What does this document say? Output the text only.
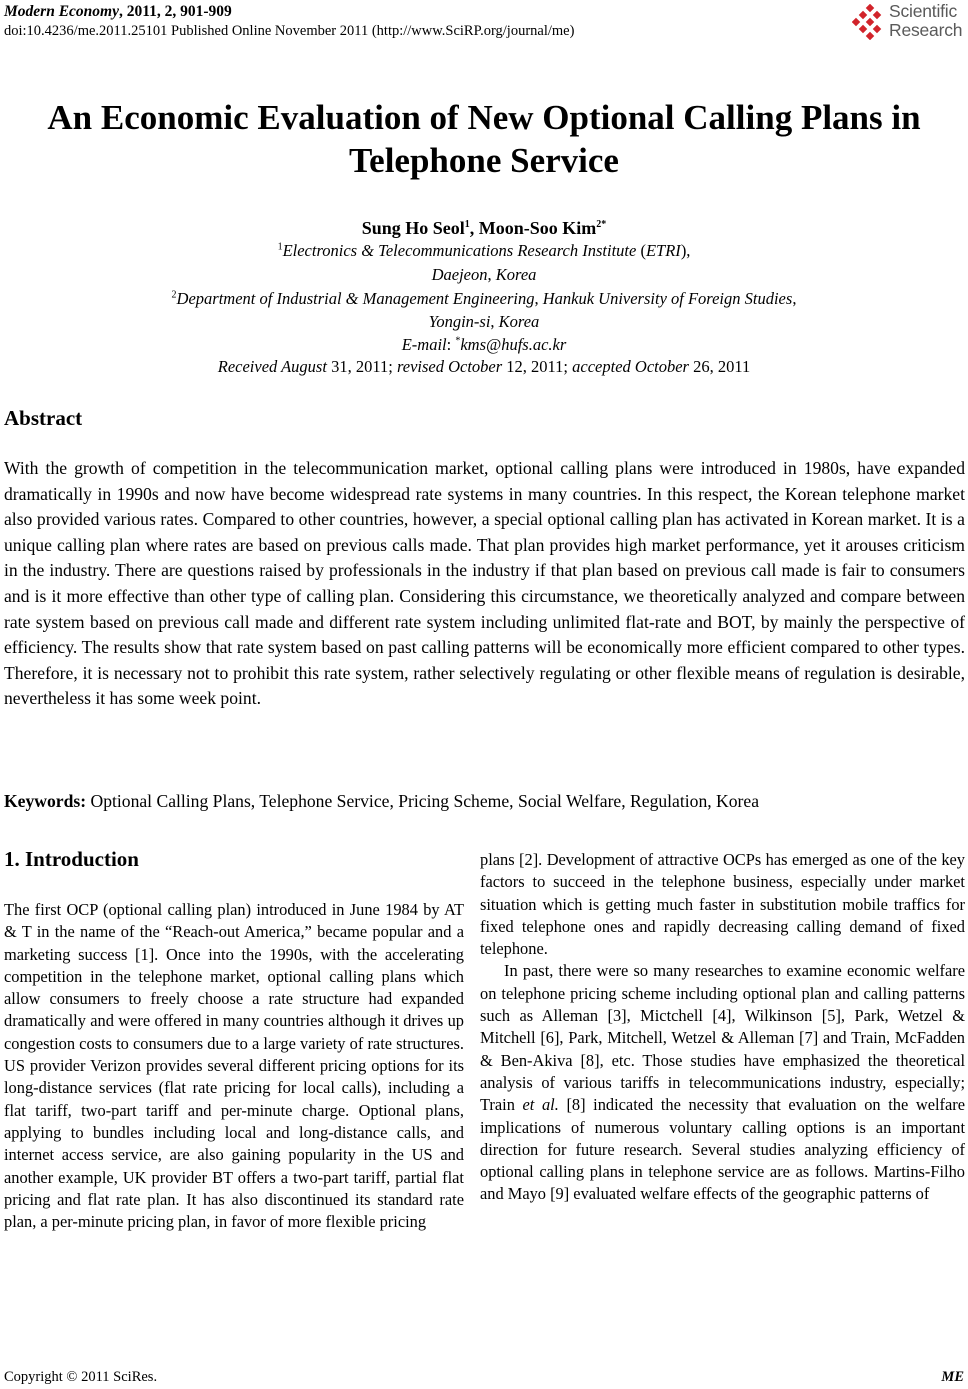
Modern Economy, 2011, 2, 901-909
doi:10.4236/me.2011.25101 Published Online November 2011 (http://www.SciRP.org/journal/me)
Scientific
Research
An Economic Evaluation of New Optional Calling Plans in
Telephone Service
Sung Ho Seol$^1$, Moon-Soo Kim$^{2*}$
$^1$Electronics & Telecommunications Research Institute (ETRI),
Daejeon, Korea
$^2$Department of Industrial & Management Engineering, Hankuk University of Foreign Studies,
Yongin-si, Korea
E-mail: *kms@hufs.ac.kr
Received August 31, 2011; revised October 12, 2011; accepted October 26, 2011
Abstract

With the growth of competition in the telecommunication market, optional calling plans were introduced in 1980s, have expanded dramatically in 1990s and now have become widespread rate systems in many countries. In this respect, the Korean telephone market also provided various rates. Compared to other countries, however, a special optional calling plan has activated in Korean market. It is a unique calling plan where rates are based on previous calls made. That plan provides high market performance, yet it arouses criticism in the industry. There are questions raised by professionals in the industry if that plan based on previous call made is fair to consumers and is it more effective than other type of calling plan. Considering this circumstance, we theoretically analyzed and compare between rate system based on previous call made and different rate system including unlimited flat-rate and BOT, by mainly the perspective of efficiency. The results show that rate system based on past calling patterns will be economically more efficient compared to other types. Therefore, it is necessary not to prohibit this rate system, rather selectively regulating or other flexible means of regulation is desirable, nevertheless it has some week point.

Keywords: Optional Calling Plans, Telephone Service, Pricing Scheme, Social Welfare, Regulation, Korea
1. Introduction

The first OCP (optional calling plan) introduced in June 1984 by AT & T in the name of the “Reach-out America,” became popular and a marketing success [1]. Once into the 1990s, with the accelerating competition in the telephone market, optional calling plans which allow consumers to freely choose a rate structure had expanded dramatically and were offered in many countries although it drives up congestion costs to consumers due to a large variety of rate structures. US provider Verizon provides several different pricing options for its long-distance services (flat rate pricing for local calls), including a flat tariff, two-part tariff and per-minute charge. Optional plans, applying to bundles including local and long-distance calls, and internet access service, are also gaining popularity in the US and another example, UK provider BT offers a two-part tariff, partial flat pricing and flat rate plan. It has also discontinued its standard rate plan, a per-minute pricing plan, in favor of more flexible pricing

plans [2]. Development of attractive OCPs has emerged as one of the key factors to succeed in the telephone business, especially under market situation which is getting much faster in substitution mobile traffics for fixed telephone ones and rapidly decreasing calling demand of fixed telephone.

In past, there were so many researches to examine economic welfare on telephone pricing scheme including optional plan and calling patterns such as Alleman [3], Mictchell [4], Wilkinson [5], Park, Wetzel & Mitchell [6], Park, Mitchell, Wetzel & Alleman [7] and Train, McFadden & Ben-Akiva [8], etc. Those studies have emphasized the theoretical analysis of various tariffs in telecommunications industry, especially; Train et al. [8] indicated the necessity that evaluation on the welfare implications of numerous voluntary calling options is an important direction for future research. Several studies analyzing efficiency of optional calling plans in telephone service are as follows. Martins-Filho and Mayo [9] evaluated welfare effects of the geographic patterns of

Copyright © 2011 SciRes.	ME
